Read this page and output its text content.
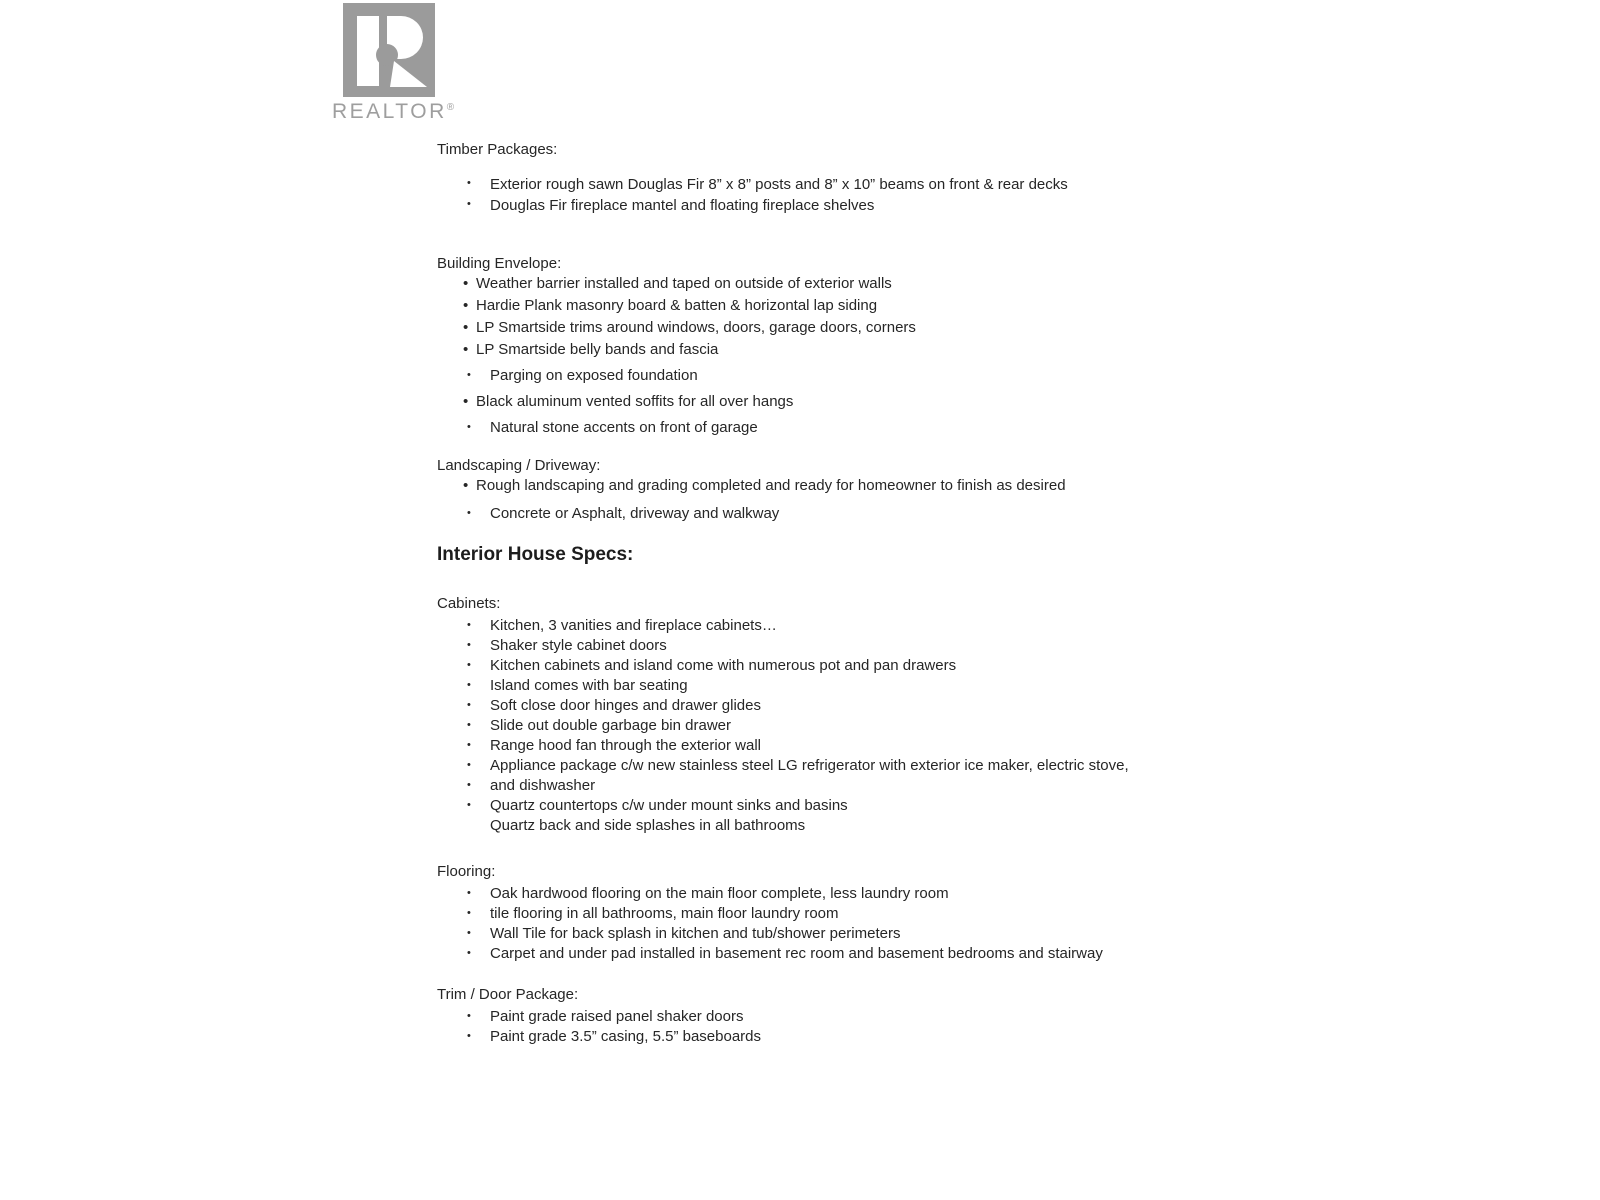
REALTOR®
Timber Packages:
•	Exterior rough sawn Douglas Fir 8” x 8” posts and 8” x 10” beams on front & rear decks
•	Douglas Fir fireplace mantel and floating fireplace shelves
Building Envelope:
• Weather barrier installed and taped on outside of exterior walls
• Hardie Plank masonry board & batten & horizontal lap siding
• LP Smartside trims around windows, doors, garage doors, corners
• LP Smartside belly bands and fascia
•	Parging on exposed foundation
• Black aluminum vented soffits for all over hangs
•	Natural stone accents on front of garage
Landscaping / Driveway:
• Rough landscaping and grading completed and ready for homeowner to finish as desired
•	Concrete or Asphalt, driveway and walkway
Interior House Specs:
Cabinets:
•	Kitchen, 3 vanities and fireplace cabinets…
•	Shaker style cabinet doors
•	Kitchen cabinets and island come with numerous pot and pan drawers
•	Island comes with bar seating
•	Soft close door hinges and drawer glides
•	Slide out double garbage bin drawer
•	Range hood fan through the exterior wall
•	Appliance package c/w new stainless steel LG refrigerator with exterior ice maker, electric stove,
•	and dishwasher
•	Quartz countertops c/w under mount sinks and basins
Quartz back and side splashes in all bathrooms
Flooring:
•	Oak hardwood flooring on the main floor complete, less laundry room
•	tile flooring in all bathrooms, main floor laundry room
•	Wall Tile for back splash in kitchen and tub/shower perimeters
•	Carpet and under pad installed in basement rec room and basement bedrooms and stairway
Trim / Door Package:
•	Paint grade raised panel shaker doors
•	Paint grade 3.5” casing, 5.5” baseboards
